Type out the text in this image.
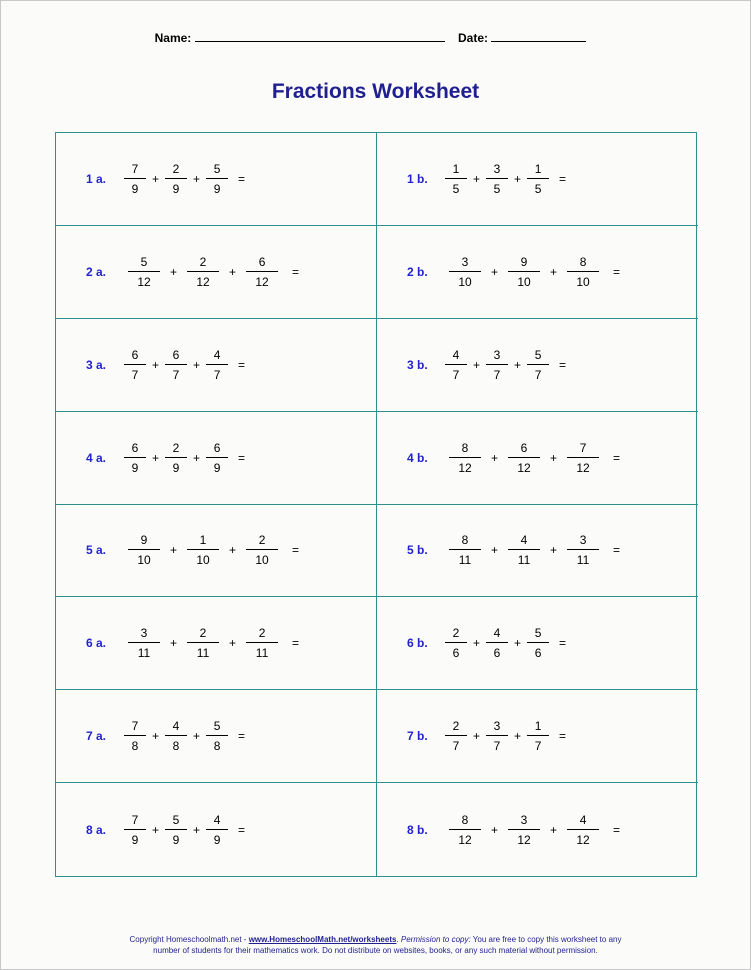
Name:	Date:
Fractions Worksheet
1 a.	$\frac{7}{9} + \frac{2}{9} + \frac{5}{9}$ =	1 b.	$\frac{1}{5} + \frac{3}{5} + \frac{1}{5}$ =
2 a.	$\frac{5}{12} + \frac{2}{12} + \frac{6}{12}$ =	2 b.	$\frac{3}{10} + \frac{9}{10} + \frac{8}{10}$ =
3 a.	$\frac{6}{7} + \frac{6}{7} + \frac{4}{7}$ =	3 b.	$\frac{4}{7} + \frac{3}{7} + \frac{5}{7}$ =
4 a.	$\frac{6}{9} + \frac{2}{9} + \frac{6}{9}$ =	4 b.	$\frac{8}{12} + \frac{6}{12} + \frac{7}{12}$ =
5 a.	$\frac{9}{10} + \frac{1}{10} + \frac{2}{10}$ =	5 b.	$\frac{8}{11} + \frac{4}{11} + \frac{3}{11}$ =
6 a.	$\frac{3}{11} + \frac{2}{11} + \frac{2}{11}$ =	6 b.	$\frac{2}{6} + \frac{4}{6} + \frac{5}{6}$ =
7 a.	$\frac{7}{8} + \frac{4}{8} + \frac{5}{8}$ =	7 b.	$\frac{2}{7} + \frac{3}{7} + \frac{1}{7}$ =
8 a.	$\frac{7}{9} + \frac{5}{9} + \frac{4}{9}$ =	8 b.	$\frac{8}{12} + \frac{3}{12} + \frac{4}{12}$ =
Copyright Homeschoolmath.net - www.HomeschoolMath.net/worksheets. Permission to copy: You are free to copy this worksheet to any
number of students for their mathematics work. Do not distribute on websites, books, or any such material without permission.
